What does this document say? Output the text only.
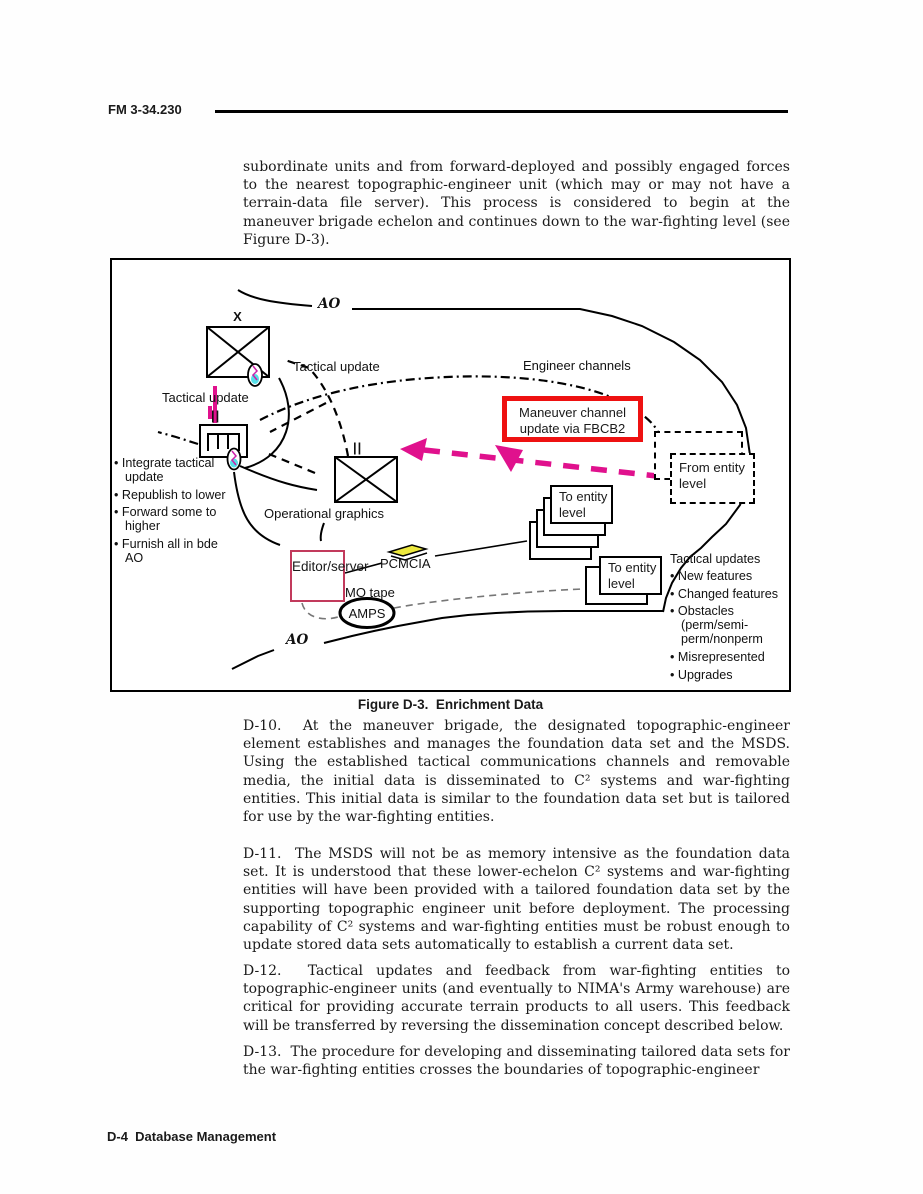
FM 3-34.230
subordinate units and from forward-deployed and possibly engaged forces to the nearest topographic-engineer unit (which may or may not have a terrain-data file server). This process is considered to begin at the maneuver brigade echelon and continues down to the war-fighting level (see Figure D-3).
AO
AO
X
||
||
Tactical update
Tactical update
Engineer channels
Operational graphics
PCMCIA
MO tape
AMPS
Maneuver channel update via FBCB2
From entity level
To entity level
To entity level
Editor/server
• Integrate tactical update
• Republish to lower
• Forward some to higher
• Furnish all in bde AO	Tactical updates
• New features
• Changed features
• Obstacles (perm/semi-perm/nonperm
• Misrepresented
• Upgrades
Figure D-3.  Enrichment Data
D-10.  At the maneuver brigade, the designated topographic-engineer element establishes and manages the foundation data set and the MSDS. Using the established tactical communications channels and removable media, the initial data is disseminated to C² systems and war-fighting entities. This initial data is similar to the foundation data set but is tailored for use by the war-fighting entities.
D-11.  The MSDS will not be as memory intensive as the foundation data set. It is understood that these lower-echelon C² systems and war-fighting entities will have been provided with a tailored foundation data set by the supporting topographic engineer unit before deployment. The processing capability of C² systems and war-fighting entities must be robust enough to update stored data sets automatically to establish a current data set.
D-12.  Tactical updates and feedback from war-fighting entities to topographic-engineer units (and eventually to NIMA's Army warehouse) are critical for providing accurate terrain products to all users. This feedback will be transferred by reversing the dissemination concept described below.
D-13.  The procedure for developing and disseminating tailored data sets for the war-fighting entities crosses the boundaries of topographic-engineer
D-4  Database Management
